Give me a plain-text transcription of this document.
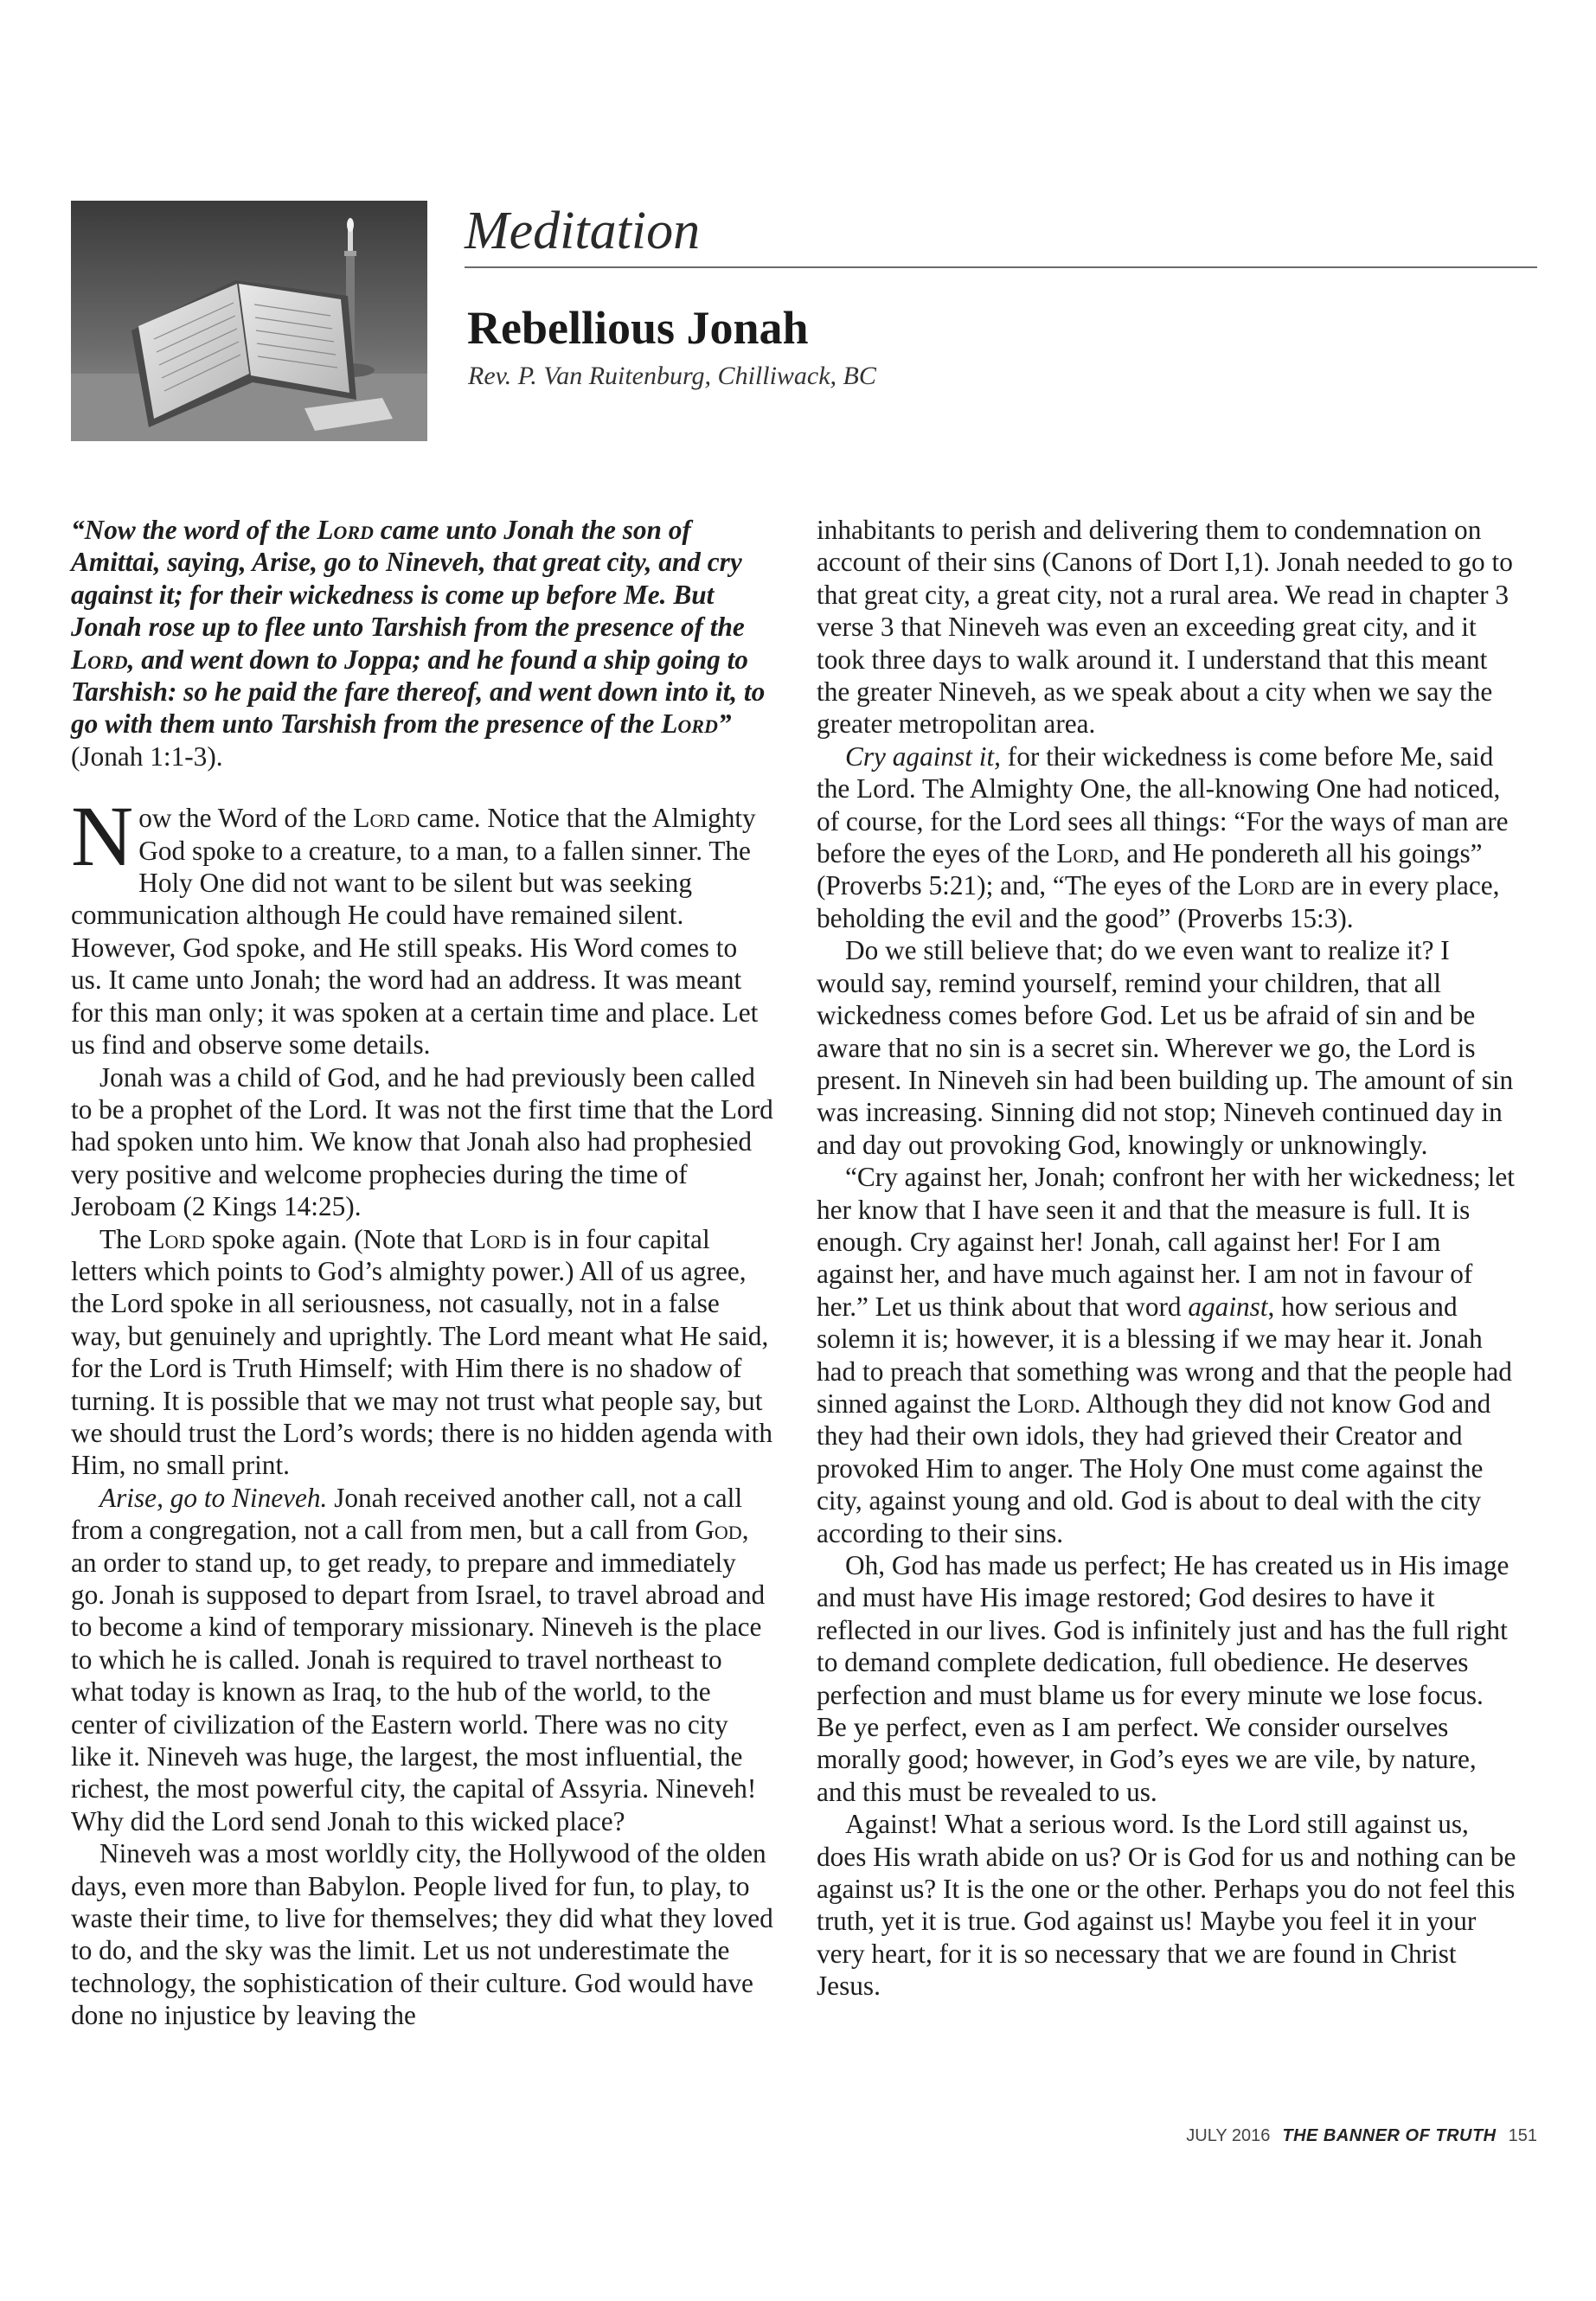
Meditation
Rebellious Jonah

Rev. P. Van Ruitenburg, Chilliwack, BC

“Now the word of the Lord came unto Jonah the son of Amittai, saying, Arise, go to Nineveh, that great city, and cry against it; for their wickedness is come up before Me. But Jonah rose up to flee unto Tarshish from the presence of the Lord, and went down to Joppa; and he found a ship going to Tarshish: so he paid the fare thereof, and went down into it, to go with them unto Tarshish from the presence of the Lord” (Jonah 1:1-3).

Now the Word of the Lord came. Notice that the Almighty God spoke to a creature, to a man, to a fallen sinner. The Holy One did not want to be silent but was seeking communication although He could have remained silent. However, God spoke, and He still speaks. His Word comes to us. It came unto Jonah; the word had an address. It was meant for this man only; it was spoken at a certain time and place. Let us find and observe some details.

Jonah was a child of God, and he had previously been called to be a prophet of the Lord. It was not the first time that the Lord had spoken unto him. We know that Jonah also had prophesied very positive and welcome prophecies during the time of Jeroboam (2 Kings 14:25).

The Lord spoke again. (Note that Lord is in four capital letters which points to God’s almighty power.) All of us agree, the Lord spoke in all seriousness, not casually, not in a false way, but genuinely and uprightly. The Lord meant what He said, for the Lord is Truth Himself; with Him there is no shadow of turning. It is possible that we may not trust what people say, but we should trust the Lord’s words; there is no hidden agenda with Him, no small print.

Arise, go to Nineveh. Jonah received another call, not a call from a congregation, not a call from men, but a call from God, an order to stand up, to get ready, to prepare and immediately go. Jonah is supposed to depart from Israel, to travel abroad and to become a kind of temporary missionary. Nineveh is the place to which he is called. Jonah is required to travel northeast to what today is known as Iraq, to the hub of the world, to the center of civilization of the Eastern world. There was no city like it. Nineveh was huge, the largest, the most influential, the richest, the most powerful city, the capital of Assyria. Nineveh! Why did the Lord send Jonah to this wicked place?

Nineveh was a most worldly city, the Hollywood of the olden days, even more than Babylon. People lived for fun, to play, to waste their time, to live for themselves; they did what they loved to do, and the sky was the limit. Let us not underestimate the technology, the sophistication of their culture. God would have done no injustice by leaving the

inhabitants to perish and delivering them to condemnation on account of their sins (Canons of Dort I,1). Jonah needed to go to that great city, a great city, not a rural area. We read in chapter 3 verse 3 that Nineveh was even an exceeding great city, and it took three days to walk around it. I understand that this meant the greater Nineveh, as we speak about a city when we say the greater metropolitan area.

Cry against it, for their wickedness is come before Me, said the Lord. The Almighty One, the all-knowing One had noticed, of course, for the Lord sees all things: “For the ways of man are before the eyes of the Lord, and He pondereth all his goings” (Proverbs 5:21); and, “The eyes of the Lord are in every place, beholding the evil and the good” (Proverbs 15:3).

Do we still believe that; do we even want to realize it? I would say, remind yourself, remind your children, that all wickedness comes before God. Let us be afraid of sin and be aware that no sin is a secret sin. Wherever we go, the Lord is present. In Nineveh sin had been building up. The amount of sin was increasing. Sinning did not stop; Nineveh continued day in and day out provoking God, knowingly or unknowingly.

“Cry against her, Jonah; confront her with her wickedness; let her know that I have seen it and that the measure is full. It is enough. Cry against her! Jonah, call against her! For I am against her, and have much against her. I am not in favour of her.” Let us think about that word against, how serious and solemn it is; however, it is a blessing if we may hear it. Jonah had to preach that something was wrong and that the people had sinned against the Lord. Although they did not know God and they had their own idols, they had grieved their Creator and provoked Him to anger. The Holy One must come against the city, against young and old. God is about to deal with the city according to their sins.

Oh, God has made us perfect; He has created us in His image and must have His image restored; God desires to have it reflected in our lives. God is infinitely just and has the full right to demand complete dedication, full obedience. He deserves perfection and must blame us for every minute we lose focus. Be ye perfect, even as I am perfect. We consider ourselves morally good; however, in God’s eyes we are vile, by nature, and this must be revealed to us.

Against! What a serious word. Is the Lord still against us, does His wrath abide on us? Or is God for us and nothing can be against us? It is the one or the other. Perhaps you do not feel this truth, yet it is true. God against us! Maybe you feel it in your very heart, for it is so necessary that we are found in Christ Jesus.

JULY 2016 THE BANNER OF TRUTH 151
